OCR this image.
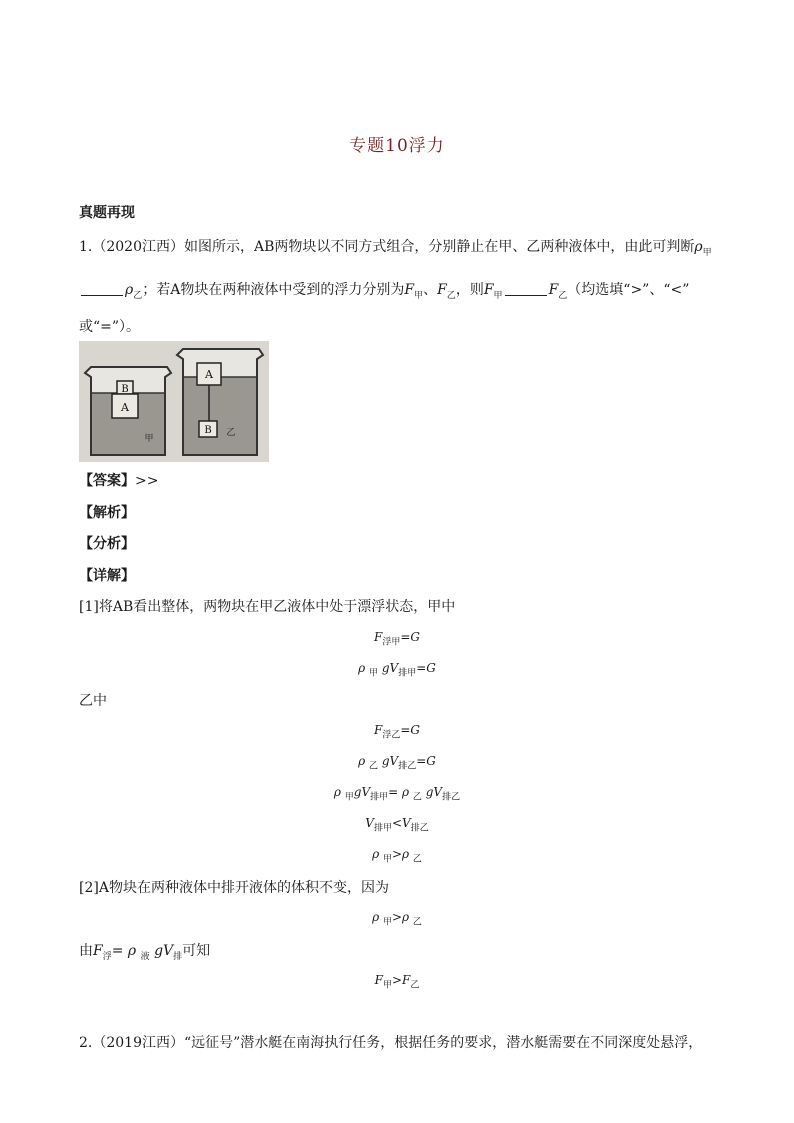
专题10浮力
真题再现
1.（2020江西）如图所示，AB两物块以不同方式组合，分别静止在甲、乙两种液体中，由此可判断$\rho_甲$
$\rho_乙$；若A物块在两种液体中受到的浮力分别为$F_甲$、$F_乙$，则$F_甲$	$F_乙$（均选填“>”、“<”
或“=”）。
B
A
甲
A
B 乙
【答案】>>
【解析】
【分析】
【详解】
[1]将AB看出整体，两物块在甲乙液体中处于漂浮状态，甲中
$F_{浮甲}=G$
ρ $_甲$ $gV_{排甲}=G$
乙中
$F_{浮乙}=G$
ρ $_乙$ $gV_{排乙}=G$
ρ $_甲gV_{排甲}= \rho$ $_乙$ $gV_{排乙}$
$V_{排甲}<V_{排乙}$
ρ $_甲$>ρ $_乙$
[2]A物块在两种液体中排开液体的体积不变，因为
ρ $_甲$>ρ $_乙$
由$F_浮= \rho$ $_液$ $gV_排$可知
$F_甲>F_乙$
2.（2019江西）“远征号”潜水艇在南海执行任务，根据任务的要求，潜水艇需要在不同深度处悬浮，
